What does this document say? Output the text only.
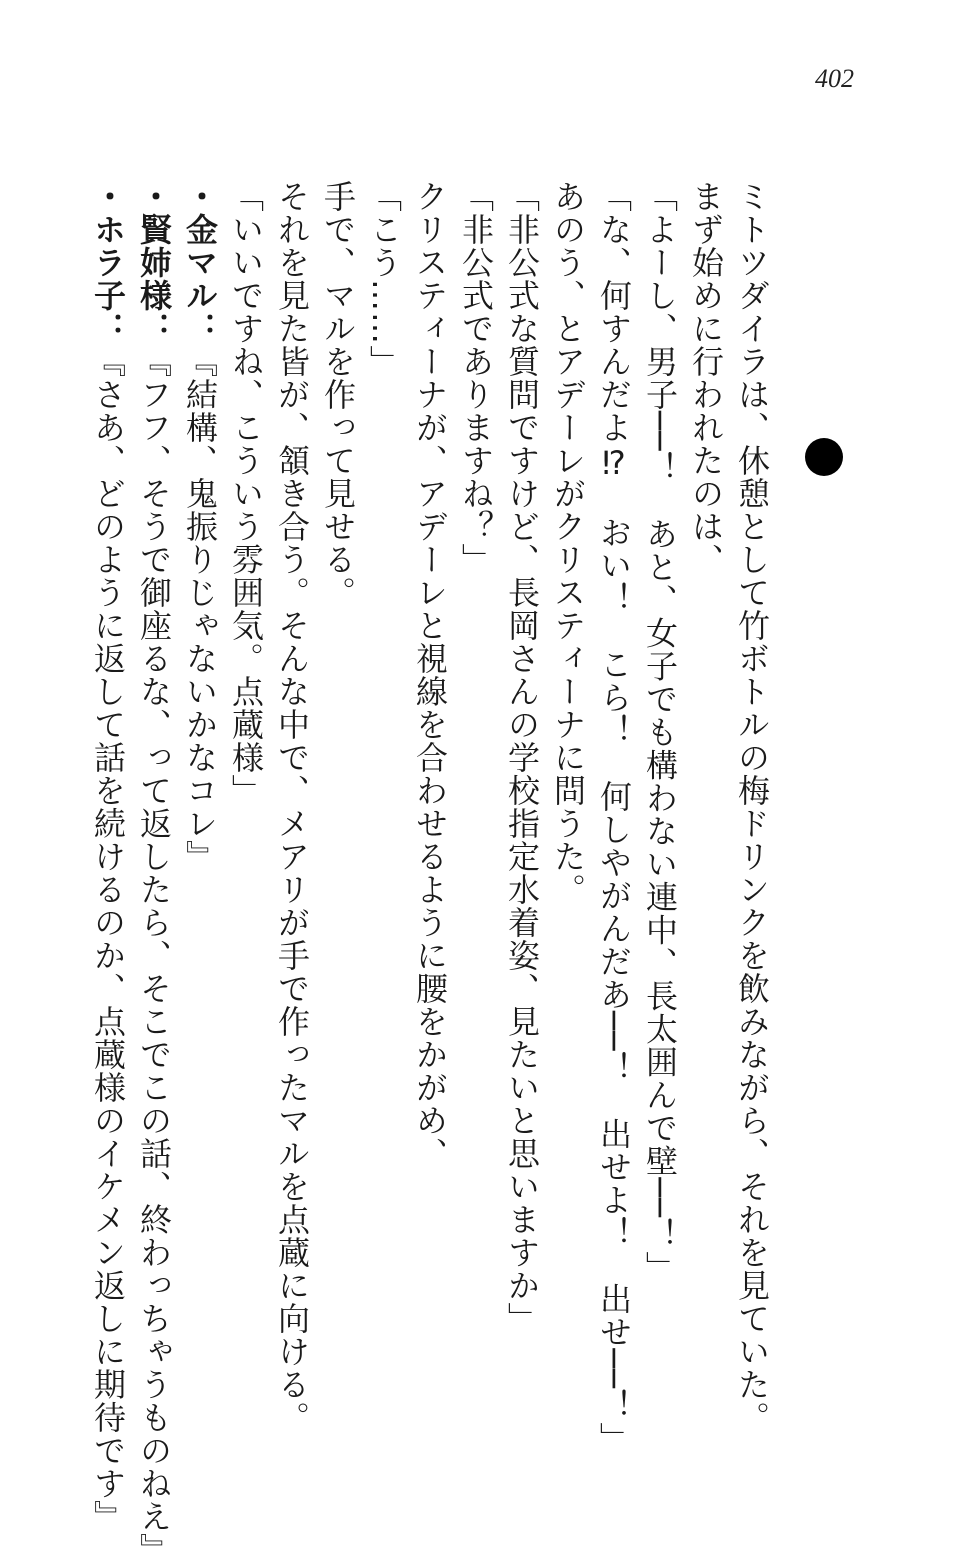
402
ミトツダイラは、休憩として竹ボトルの梅ドリンクを飲みながら、それを見ていた。
まず始めに行われたのは、
「よーし、男子──！　あと、女子でも構わない連中、長太囲んで壁──！」
「な、何すんだよ⁉　おい！　こら！　何しやがんだあ──！　出せよ！　出せ──！」
あのう、とアデーレがクリスティーナに問うた。
「非公式な質問ですけど、長岡さんの学校指定水着姿、見たいと思いますか」
「非公式でありますね？」
クリスティーナが、アデーレと視線を合わせるように腰をかがめ、
「こう……」
手で、マルを作って見せる。
それを見た皆が、頷き合う。そんな中で、メアリが手で作ったマルを点蔵に向ける。
「いいですね、こういう雰囲気。点蔵様」
・金マル：『結構、鬼振りじゃないかなコレ』
・賢姉様：『フフ、そうで御座るな、って返したら、そこでこの話、終わっちゃうものねえ』
・ホラ子：『さあ、どのように返して話を続けるのか、点蔵様のイケメン返しに期待です』
